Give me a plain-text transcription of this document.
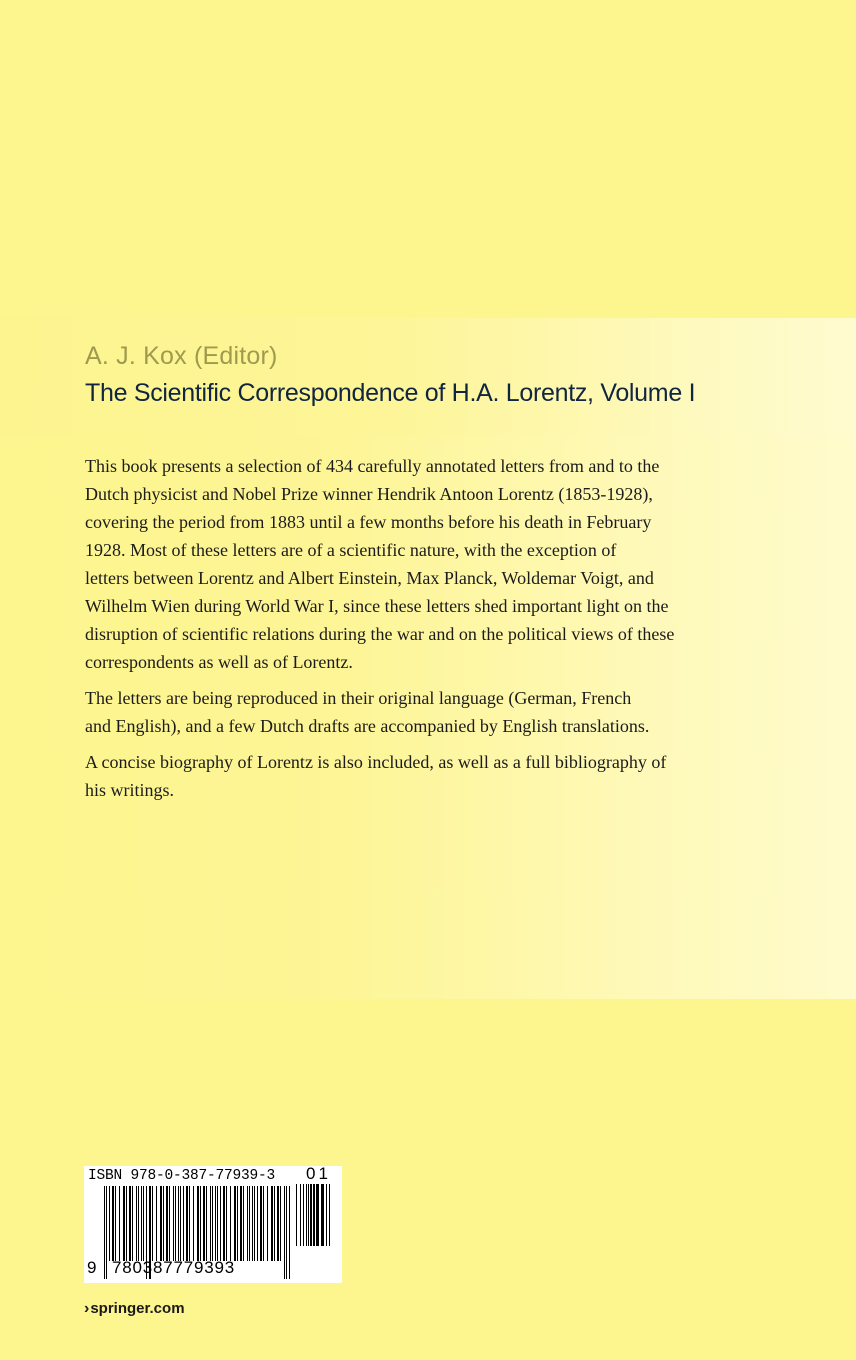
A. J. Kox (Editor)
The Scientific Correspondence of H.A. Lorentz, Volume I

This book presents a selection of 434 carefully annotated letters from and to the
Dutch physicist and Nobel Prize winner Hendrik Antoon Lorentz (1853-1928),
covering the period from 1883 until a few months before his death in February
1928. Most of these letters are of a scientific nature, with the exception of
letters between Lorentz and Albert Einstein, Max Planck, Woldemar Voigt, and
Wilhelm Wien during World War I, since these letters shed important light on the
disruption of scientific relations during the war and on the political views of these
correspondents as well as of Lorentz.

The letters are being reproduced in their original language (German, French
and English), and a few Dutch drafts are accompanied by English translations.

A concise biography of Lorentz is also included, as well as a full bibliography of
his writings.

ISBN 978-0-387-77939-3 01
9 780387779393
›springer.com
